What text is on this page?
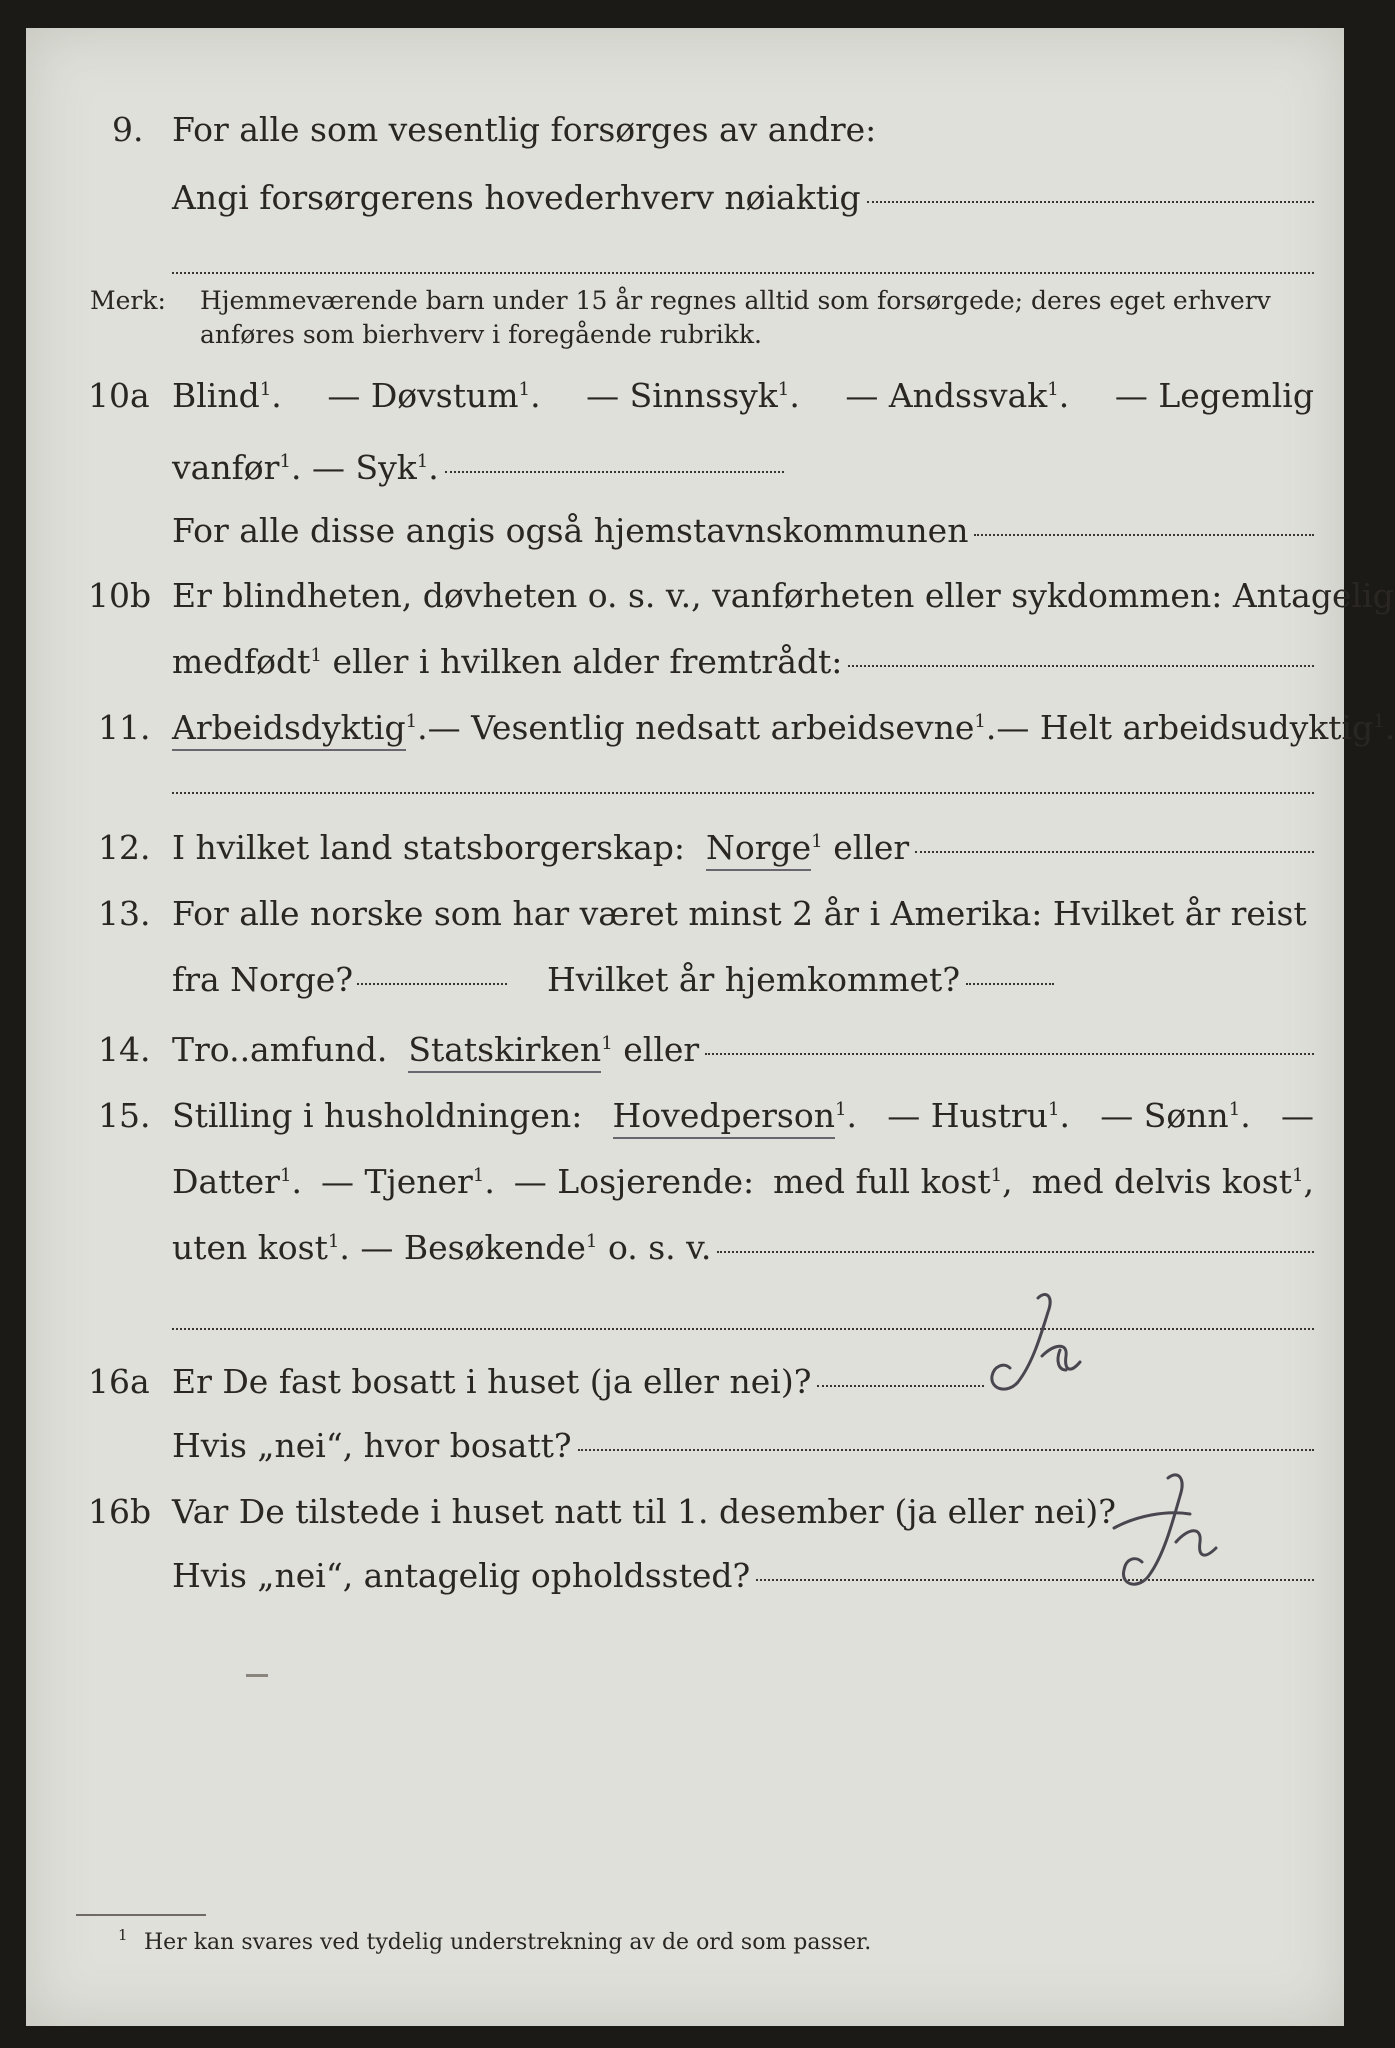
9. For alle som vesentlig forsørges av andre:
Angi forsørgerens hovederhverv nøiaktig
Merk: Hjemmeværende barn under 15 år regnes alltid som forsørgede; deres eget erhverv
anføres som bierhverv i foregående rubrikk.
10a Blind$^1$. — Døvstum$^1$. — Sinnssyk$^1$. — Andssvak$^1$. — Legemlig
vanfør$^1$. — Syk$^1$.
For alle disse angis også hjemstavnskommunen
10b Er blindheten, døvheten o. s. v., vanførheten eller sykdommen: Antagelig
medfødt$^1$ eller i hvilken alder fremtrådt:
11. Arbeidsdyktig$^1$. — Vesentlig nedsatt arbeidsevne$^1$. — Helt arbeidsudyktig$^1$.
12. I hvilket land statsborgerskap:
Norge$^1$
eller
13. For alle norske som har været minst 2 år i Amerika: Hvilket år reist
fra Norge?	Hvilket år hjemkommet?
14. Tro..amfund.
Statskirken$^1$
eller
15. Stilling i husholdningen: Hovedperson$^1$. — Hustru$^1$. — Sønn$^1$. —
Datter$^1$. — Tjener$^1$. — Losjerende: med full kost$^1$, med delvis kost$^1$,
uten kost$^1$.
— Besøkende$^1$
o. s. v.
16a Er De fast bosatt i huset (ja eller nei)?
Hvis „nei“, hvor bosatt?
16b Var De tilstede i huset natt til 1. desember (ja eller nei)?
Hvis „nei“, antagelig opholdssted?
1 Her kan svares ved tydelig understrekning av de ord som passer.
